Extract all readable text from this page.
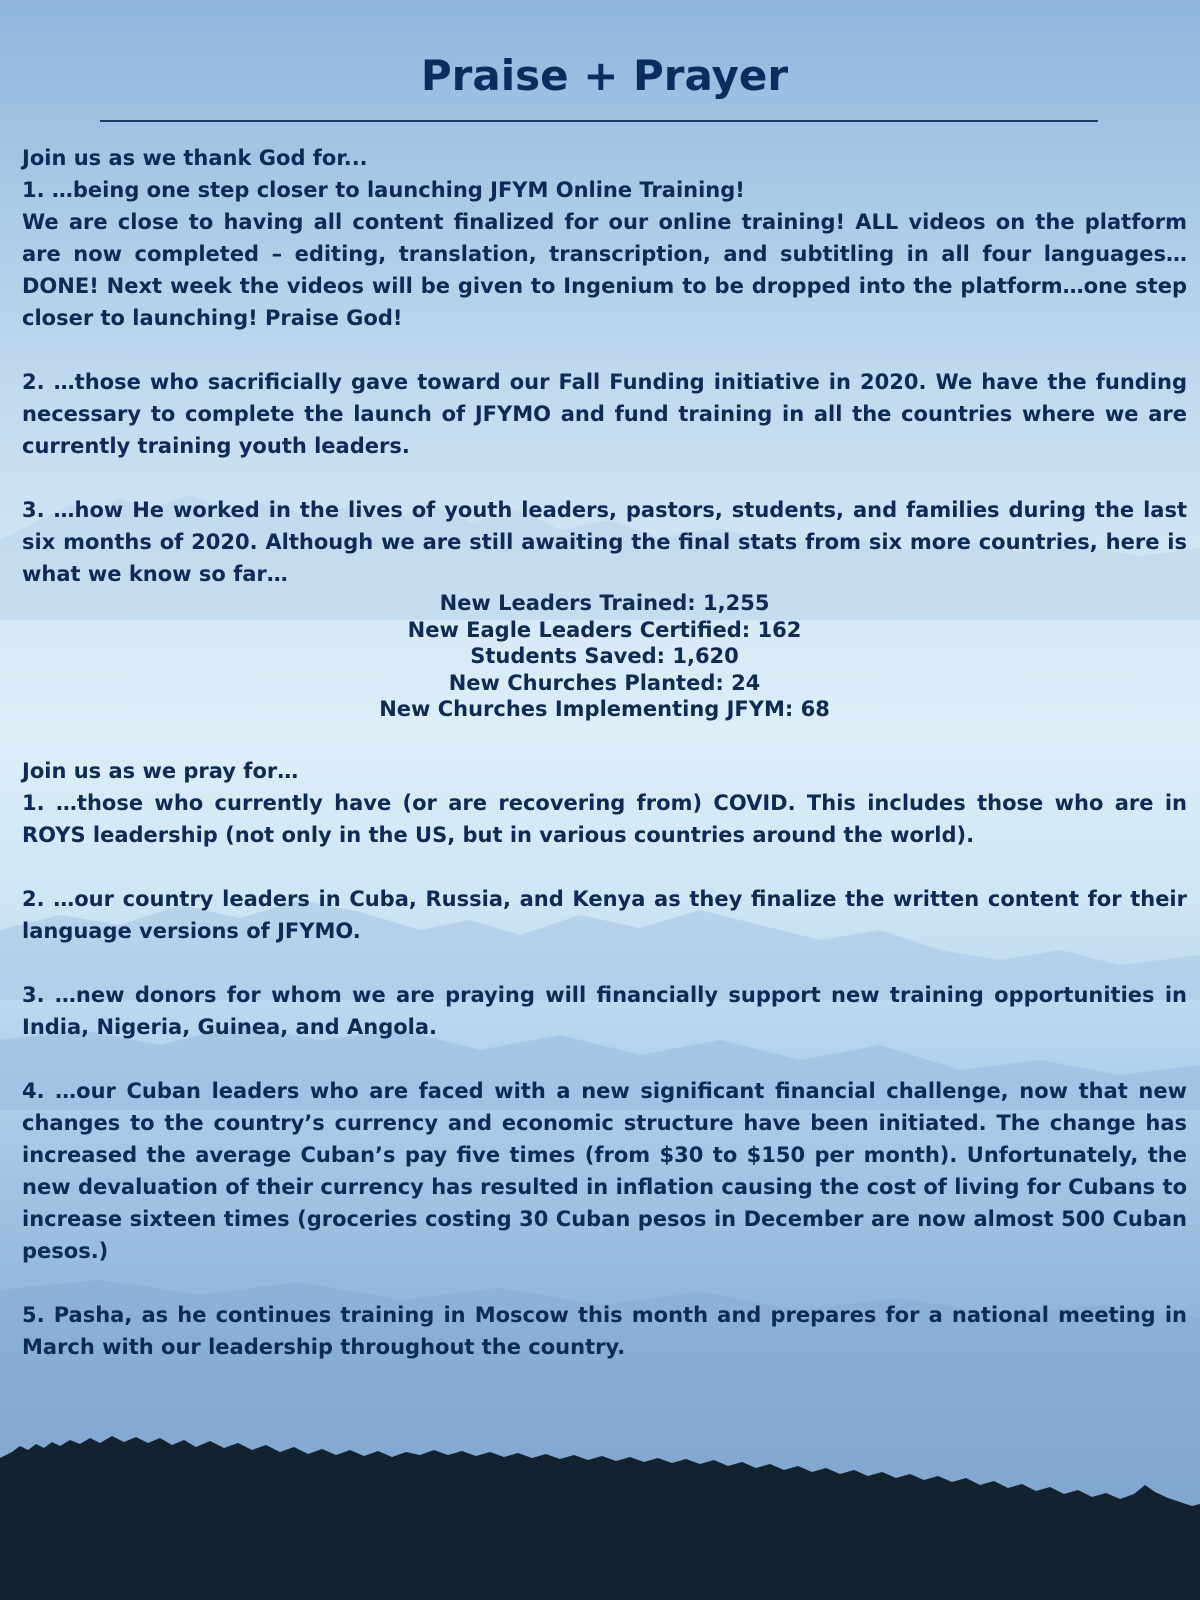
Praise + Prayer

Join us as we thank God for...

1. …being one step closer to launching JFYM Online Training!

We are close to having all content finalized for our online training! ALL videos on the platform are now completed – editing, translation, transcription, and subtitling in all four languages…DONE! Next week the videos will be given to Ingenium to be dropped into the platform…one step closer to launching! Praise God!

2. …those who sacrificially gave toward our Fall Funding initiative in 2020. We have the funding necessary to complete the launch of JFYMO and fund training in all the countries where we are currently training youth leaders.

3. …how He worked in the lives of youth leaders, pastors, students, and families during the last six months of 2020. Although we are still awaiting the final stats from six more countries, here is what we know so far…

New Leaders Trained: 1,255
New Eagle Leaders Certified: 162
Students Saved: 1,620
New Churches Planted: 24
New Churches Implementing JFYM: 68

Join us as we pray for…

1. …those who currently have (or are recovering from) COVID. This includes those who are in ROYS leadership (not only in the US, but in various countries around the world).

2. …our country leaders in Cuba, Russia, and Kenya as they finalize the written content for their language versions of JFYMO.

3. …new donors for whom we are praying will financially support new training opportunities in India, Nigeria, Guinea, and Angola.

4. …our Cuban leaders who are faced with a new significant financial challenge, now that new changes to the country’s currency and economic structure have been initiated. The change has increased the average Cuban’s pay five times (from $30 to $150 per month). Unfortunately, the new devaluation of their currency has resulted in inflation causing the cost of living for Cubans to increase sixteen times (groceries costing 30 Cuban pesos in December are now almost 500 Cuban pesos.)

5. Pasha, as he continues training in Moscow this month and prepares for a national meeting in March with our leadership throughout the country.
